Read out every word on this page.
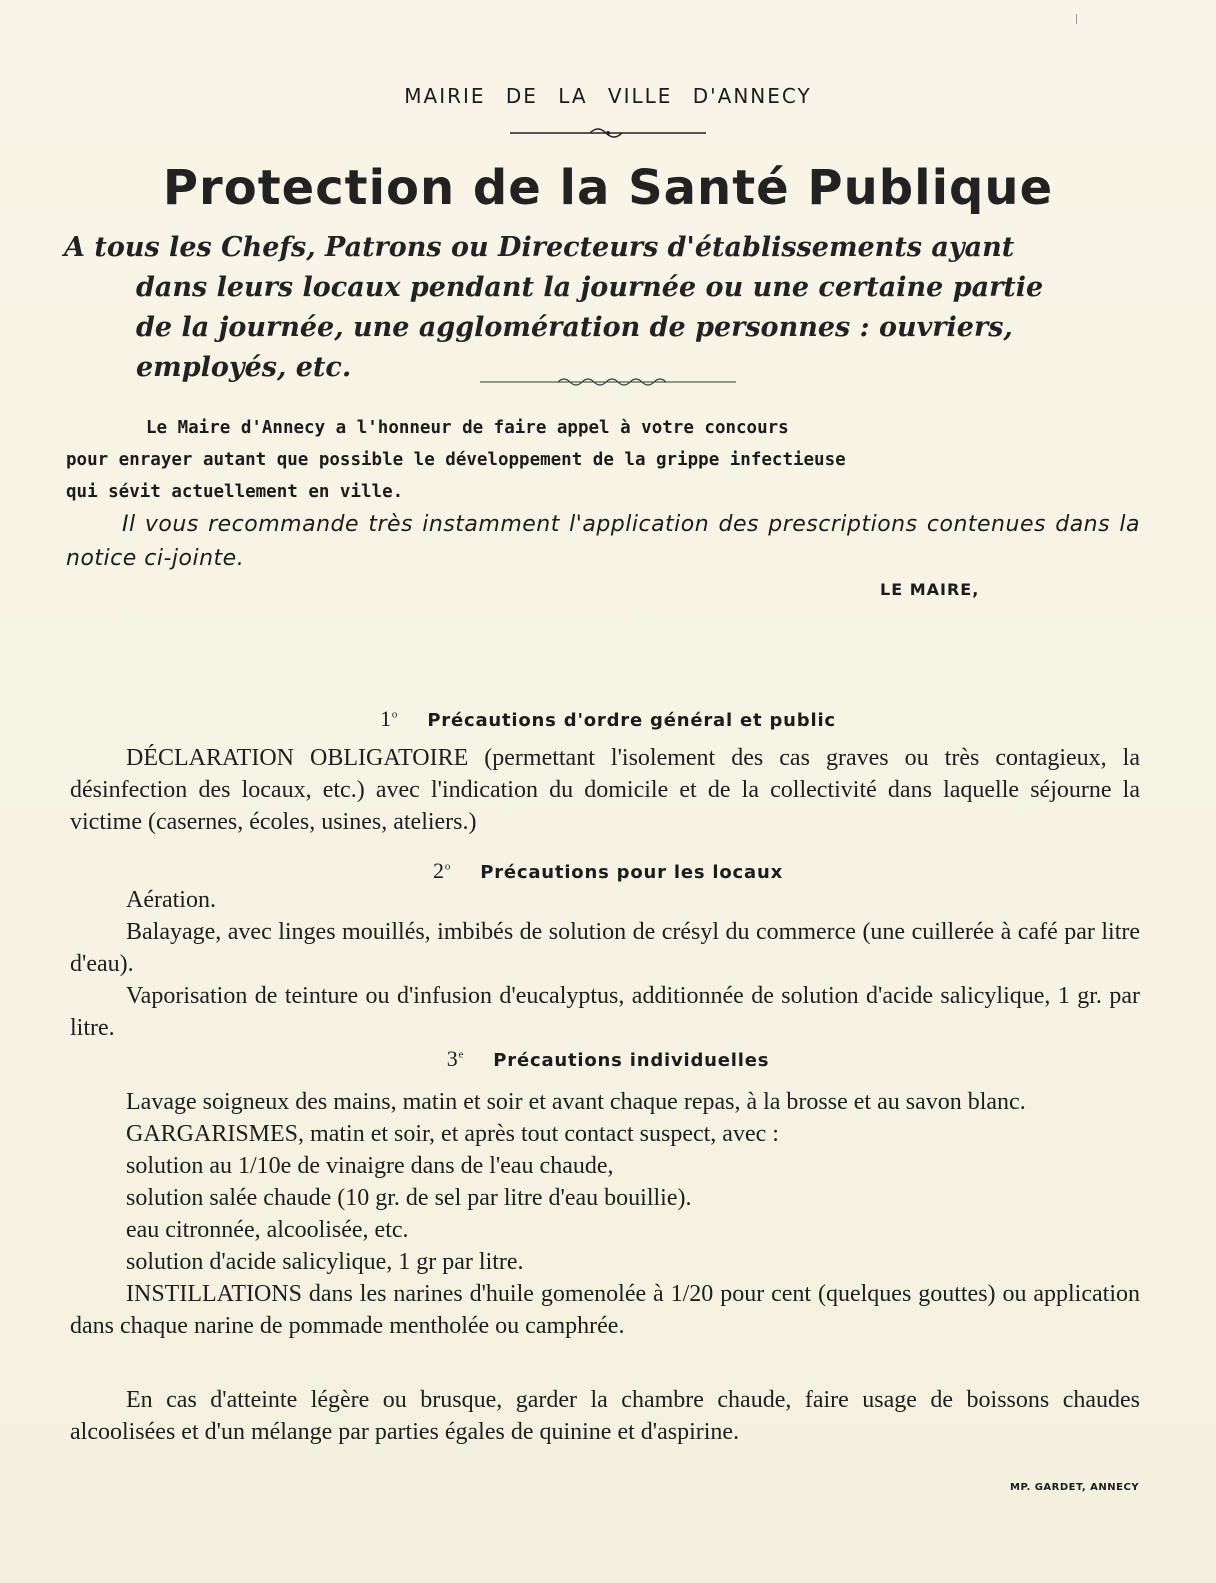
MAIRIE DE LA VILLE D'ANNECY
Protection de la Santé Publique
A tous les Chefs, Patrons ou Directeurs d'établissements ayant
dans leurs locaux pendant la journée ou une certaine partie
de la journée, une agglomération de personnes : ouvriers,
employés, etc.
Le Maire d'Annecy a l'honneur de faire appel à votre concours
pour enrayer autant que possible le développement de la grippe infectieuse
qui sévit actuellement en ville.
Il vous recommande très instamment l'application des prescriptions contenues dans la notice ci-jointe.
LE MAIRE,
1$^o$ Précautions d'ordre général et public

DÉCLARATION OBLIGATOIRE (permettant l'isolement des cas graves ou très contagieux, la désinfection des locaux, etc.) avec l'indication du domicile et de la collectivité dans laquelle séjourne la victime (casernes, écoles, usines, ateliers.)

2$^o$ Précautions pour les locaux

Aération.

Balayage, avec linges mouillés, imbibés de solution de crésyl du commerce (une cuillerée à café par litre d'eau).

Vaporisation de teinture ou d'infusion d'eucalyptus, additionnée de solution d'acide salicylique, 1 gr. par litre.

3e Précautions individuelles

Lavage soigneux des mains, matin et soir et avant chaque repas, à la brosse et au savon blanc.

GARGARISMES, matin et soir, et après tout contact suspect, avec :

solution au 1/10e de vinaigre dans de l'eau chaude,

solution salée chaude (10 gr. de sel par litre d'eau bouillie).

eau citronnée, alcoolisée, etc.

solution d'acide salicylique, 1 gr par litre.

INSTILLATIONS dans les narines d'huile gomenolée à 1/20 pour cent (quelques gouttes) ou application dans chaque narine de pommade mentholée ou camphrée.

En cas d'atteinte légère ou brusque, garder la chambre chaude, faire usage de boissons chaudes alcoolisées et d'un mélange par parties égales de quinine et d'aspirine.

MP. GARDET, ANNECY
